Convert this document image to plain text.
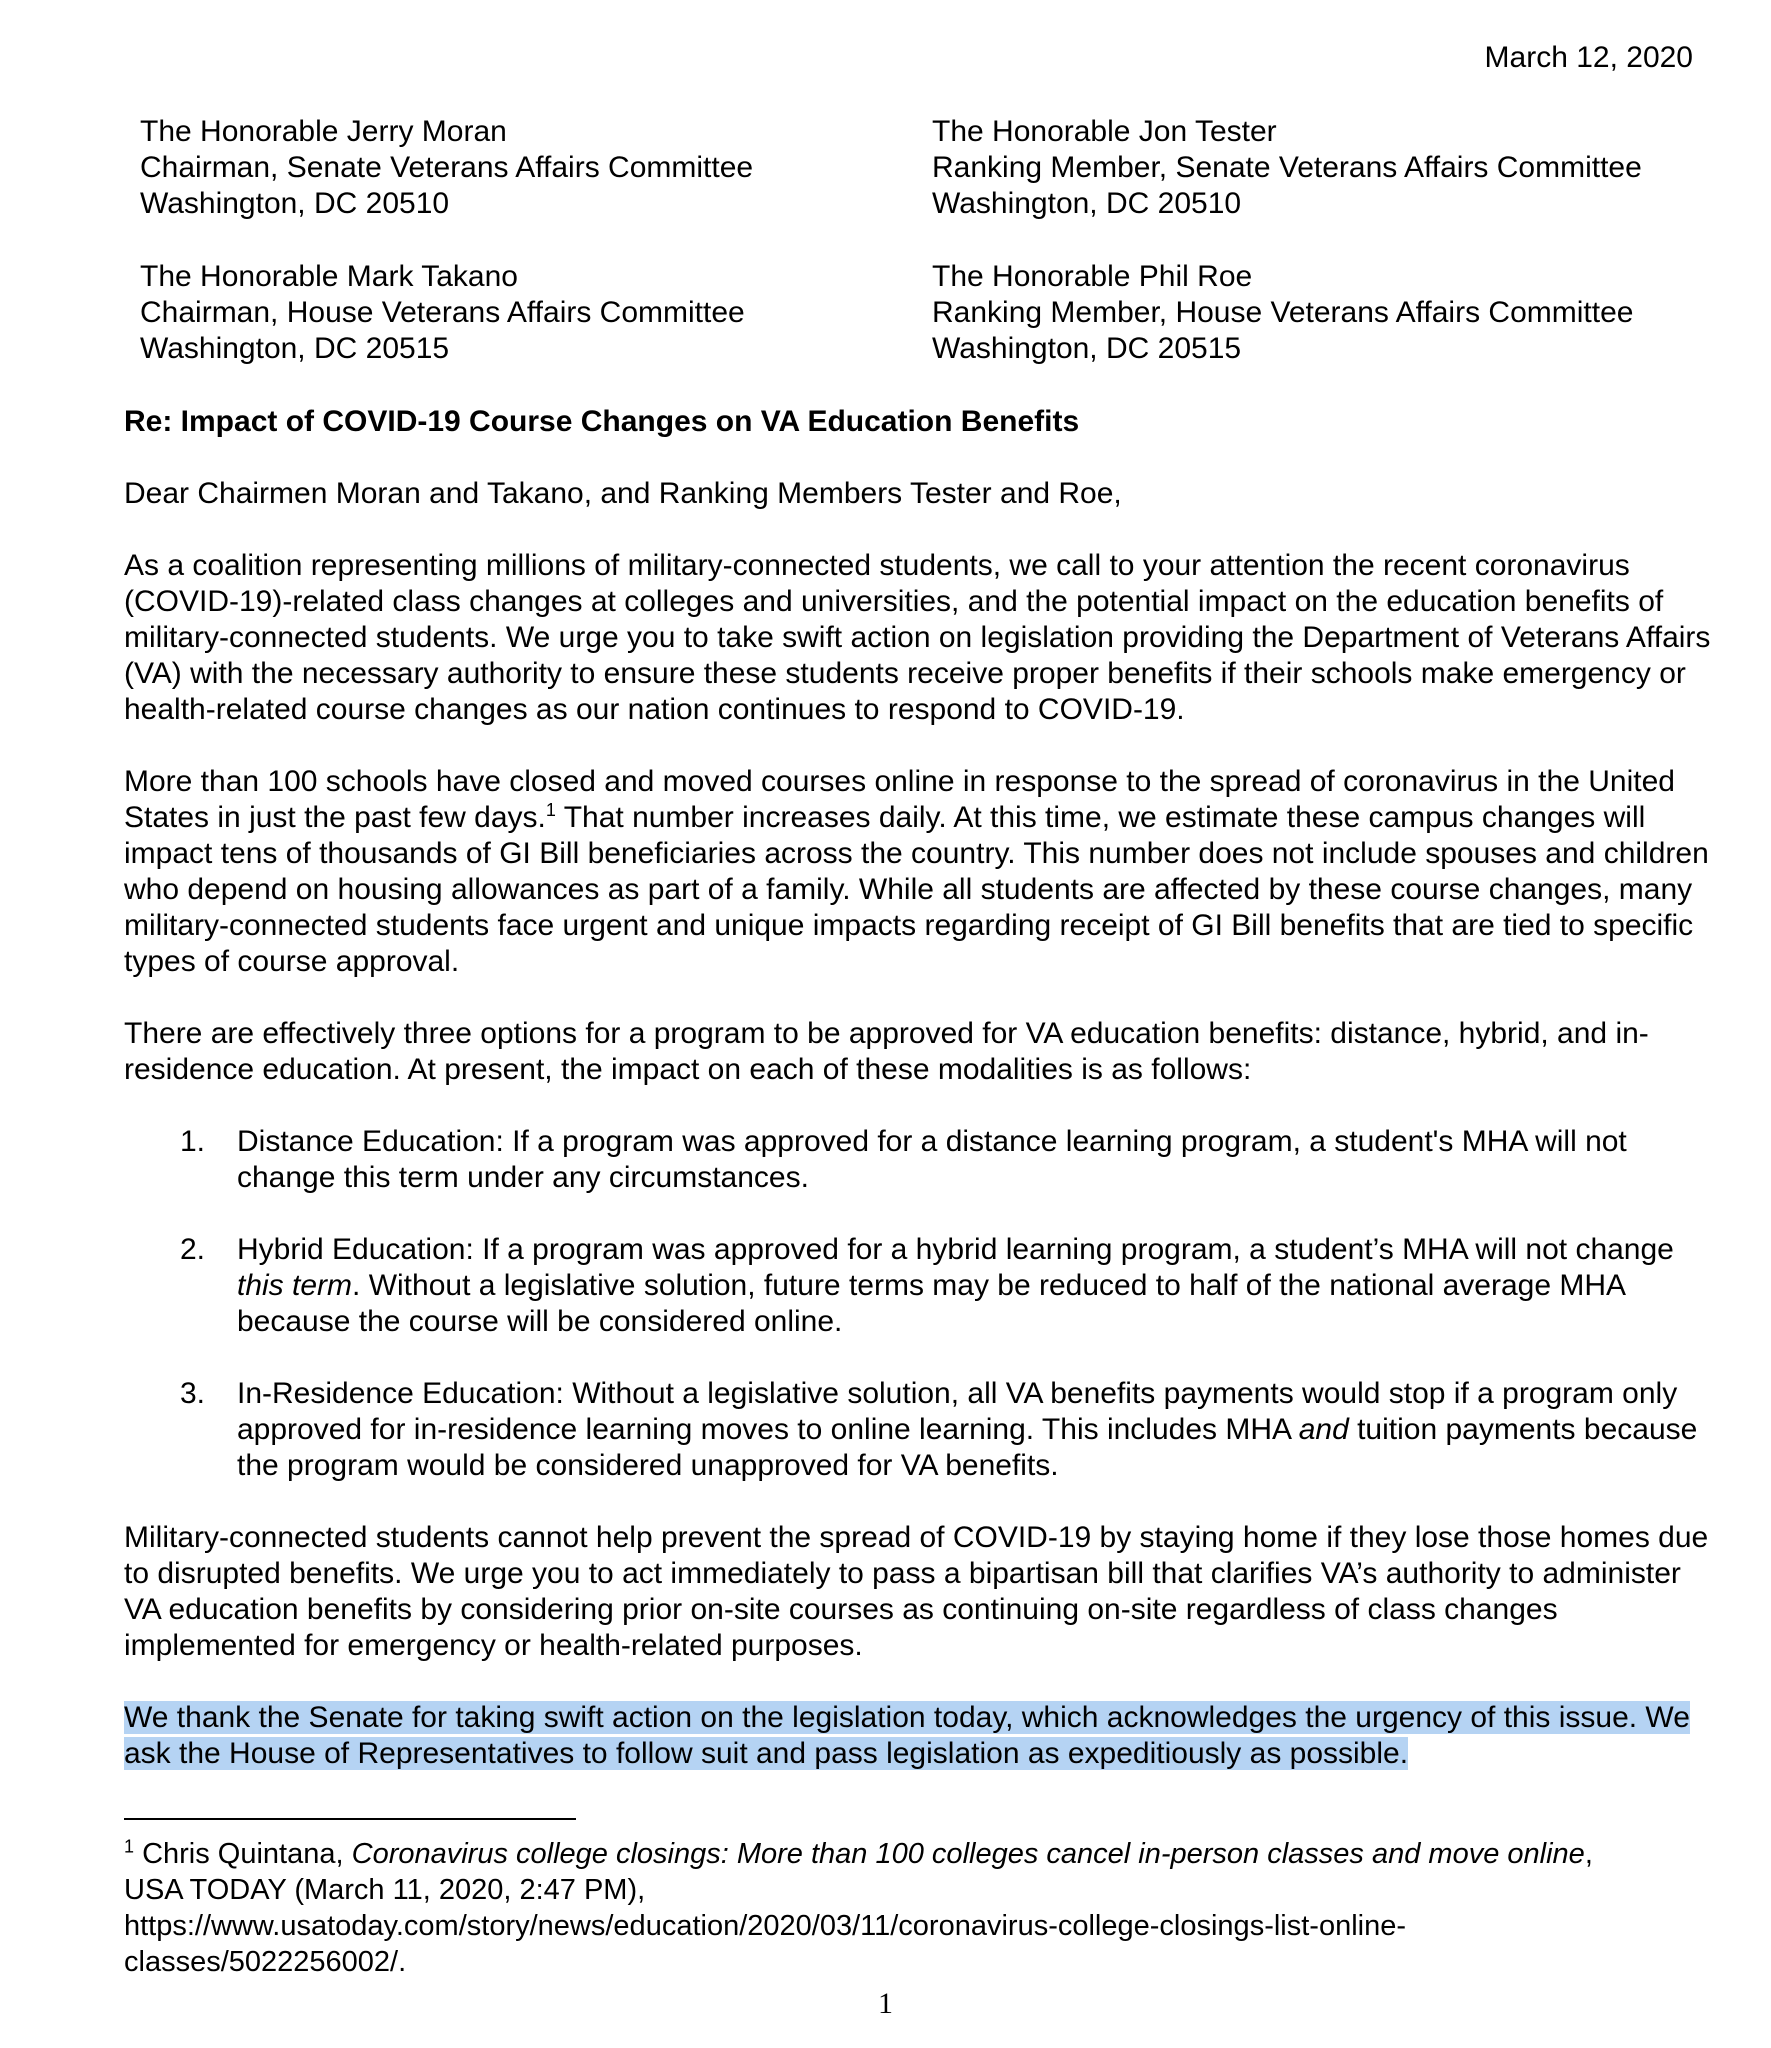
March 12, 2020
The Honorable Jerry Moran
Chairman, Senate Veterans Affairs Committee
Washington, DC 20510
The Honorable Jon Tester
Ranking Member, Senate Veterans Affairs Committee
Washington, DC 20510
The Honorable Mark Takano
Chairman, House Veterans Affairs Committee
Washington, DC 20515
The Honorable Phil Roe
Ranking Member, House Veterans Affairs Committee
Washington, DC 20515
Re: Impact of COVID-19 Course Changes on VA Education Benefits
Dear Chairmen Moran and Takano, and Ranking Members Tester and Roe,

As a coalition representing millions of military-connected students, we call to your attention the recent coronavirus (COVID-19)-related class changes at colleges and universities, and the potential impact on the education benefits of military-connected students. We urge you to take swift action on legislation providing the Department of Veterans Affairs (VA) with the necessary authority to ensure these students receive proper benefits if their schools make emergency or health-related course changes as our nation continues to respond to COVID-19.

More than 100 schools have closed and moved courses online in response to the spread of coronavirus in the United States in just the past few days.$^1$ That number increases daily. At this time, we estimate these campus changes will impact tens of thousands of GI Bill beneficiaries across the country. This number does not include spouses and children who depend on housing allowances as part of a family. While all students are affected by these course changes, many military-connected students face urgent and unique impacts regarding receipt of GI Bill benefits that are tied to specific types of course approval.

There are effectively three options for a program to be approved for VA education benefits: distance, hybrid, and in-residence education. At present, the impact on each of these modalities is as follows:

1. Distance Education: If a program was approved for a distance learning program, a student's MHA will not change this term under any circumstances.
2. Hybrid Education: If a program was approved for a hybrid learning program, a student’s MHA will not change this term. Without a legislative solution, future terms may be reduced to half of the national average MHA because the course will be considered online.
3. In-Residence Education: Without a legislative solution, all VA benefits payments would stop if a program only approved for in-residence learning moves to online learning. This includes MHA and tuition payments because the program would be considered unapproved for VA benefits.

Military-connected students cannot help prevent the spread of COVID-19 by staying home if they lose those homes due to disrupted benefits. We urge you to act immediately to pass a bipartisan bill that clarifies VA’s authority to administer VA education benefits by considering prior on-site courses as continuing on-site regardless of class changes implemented for emergency or health-related purposes.

We thank the Senate for taking swift action on the legislation today, which acknowledges the urgency of this issue. We ask the House of Representatives to follow suit and pass legislation as expeditiously as possible.

$^1$ Chris Quintana, Coronavirus college closings: More than 100 colleges cancel in-person classes and move online, USA TODAY (March 11, 2020, 2:47 PM),
https://www.usatoday.com/story/news/education/2020/03/11/coronavirus-college-closings-list-online-classes/5022256002/.
1
